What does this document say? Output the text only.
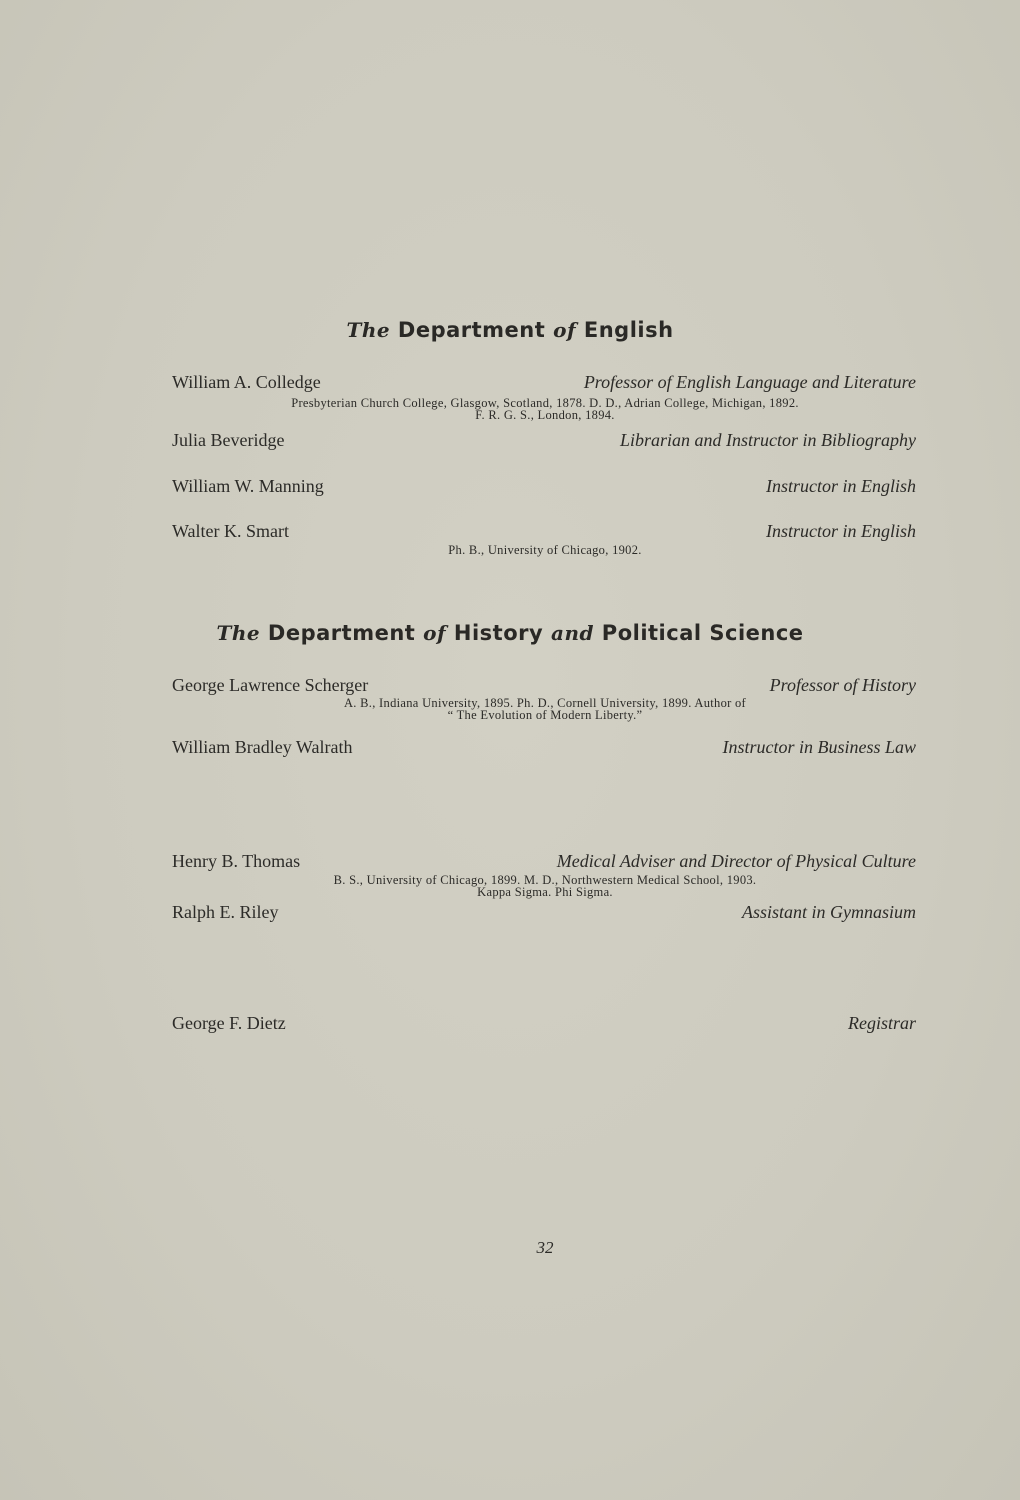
The Department of English
William A. Colledge	Professor of English Language and Literature
Presbyterian Church College, Glasgow, Scotland, 1878. D. D., Adrian College, Michigan, 1892.
F. R. G. S., London, 1894.
Julia Beveridge	Librarian and Instructor in Bibliography
William W. Manning	Instructor in English
Walter K. Smart	Instructor in English
Ph. B., University of Chicago, 1902.
The Department of History and Political Science
George Lawrence Scherger	Professor of History
A. B., Indiana University, 1895. Ph. D., Cornell University, 1899. Author of
“ The Evolution of Modern Liberty.”
William Bradley Walrath	Instructor in Business Law
Henry B. Thomas	Medical Adviser and Director of Physical Culture
B. S., University of Chicago, 1899. M. D., Northwestern Medical School, 1903.
Kappa Sigma. Phi Sigma.
Ralph E. Riley	Assistant in Gymnasium
George F. Dietz	Registrar
32
